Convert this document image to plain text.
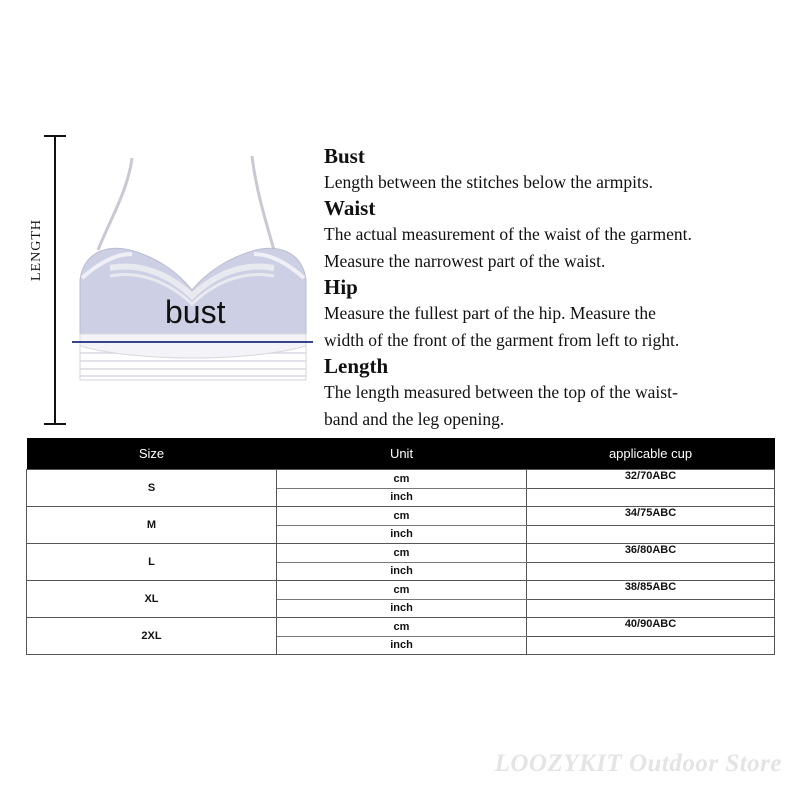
LENGTH
bust

Bust

Length between the stitches below the armpits.

Waist

The actual measurement of the waist of the garment.

Measure the narrowest part of the waist.

Hip

Measure the fullest part of the hip. Measure the

width of the front of the garment from left to right.

Length

The length measured between the top of the waist-

band and the leg opening.

Size	Unit	applicable cup
S	cm	32/70ABC
	inch	
M	cm	34/75ABC
	inch	
L	cm	36/80ABC
	inch	
XL	cm	38/85ABC
	inch	
2XL	cm	40/90ABC
	inch	
LOOZYKIT Outdoor Store
